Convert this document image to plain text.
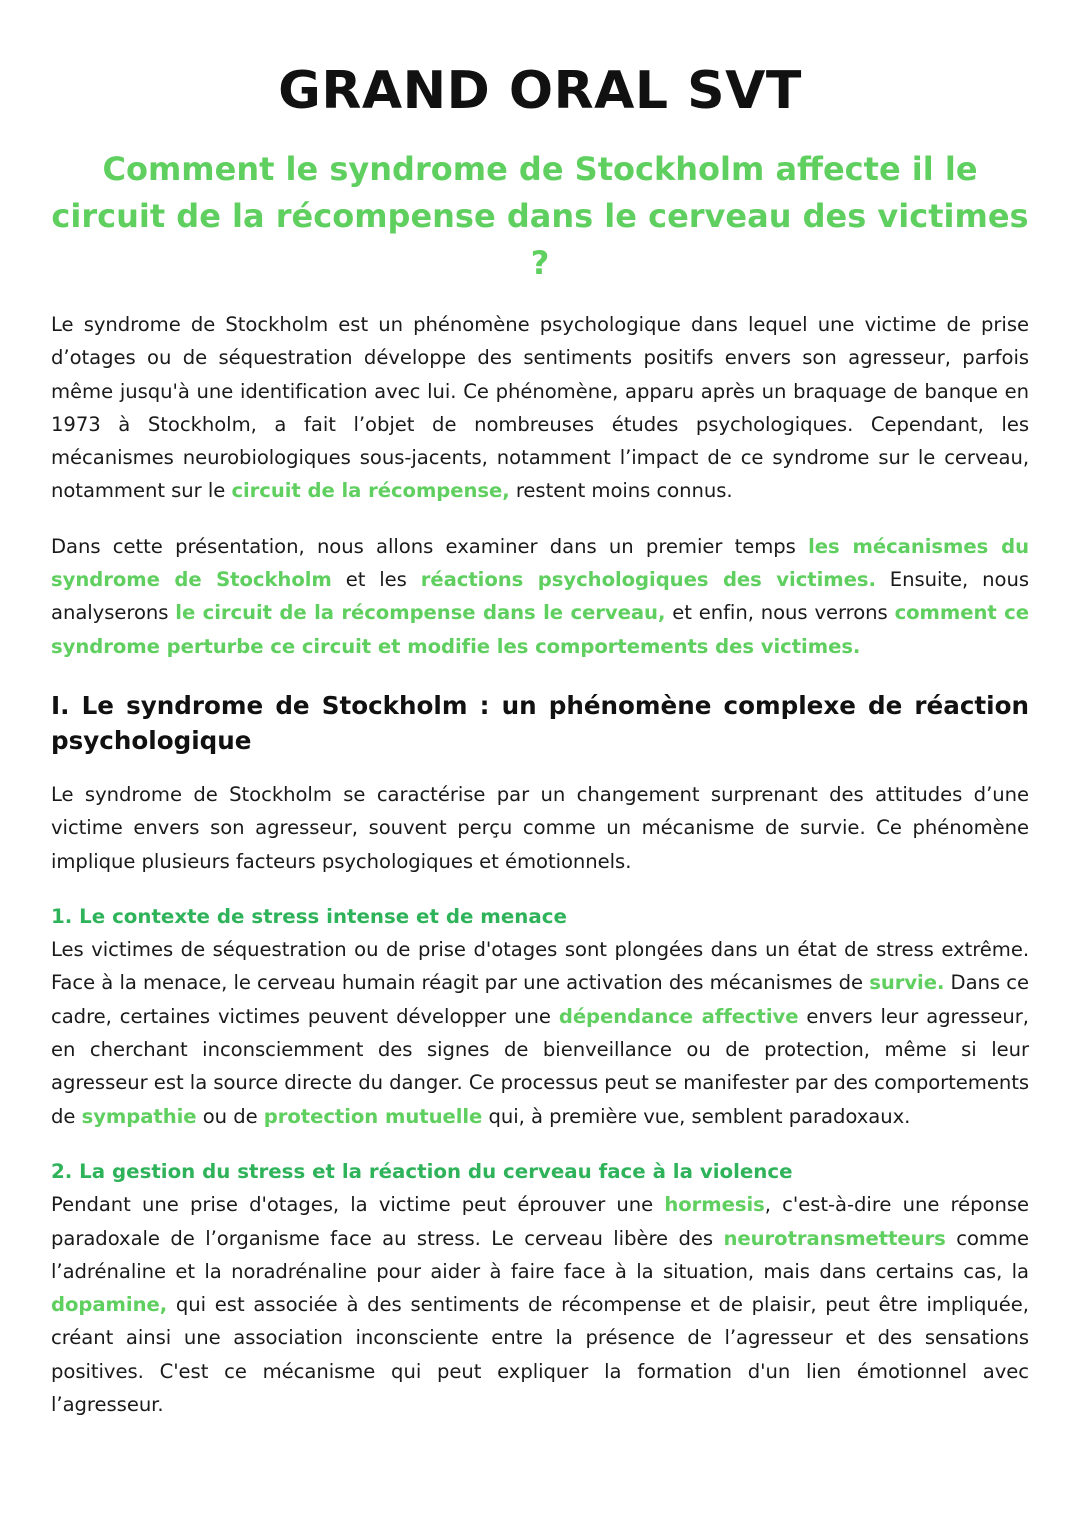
GRAND ORAL SVT
Comment le syndrome de Stockholm affecte il le circuit de la récompense dans le cerveau des victimes ?

Le syndrome de Stockholm est un phénomène psychologique dans lequel une victime de prise d’otages ou de séquestration développe des sentiments positifs envers son agresseur, parfois même jusqu'à une identification avec lui. Ce phénomène, apparu après un braquage de banque en 1973 à Stockholm, a fait l’objet de nombreuses études psychologiques. Cependant, les mécanismes neurobiologiques sous-jacents, notamment l’impact de ce syndrome sur le cerveau, notamment sur le circuit de la récompense, restent moins connus.

Dans cette présentation, nous allons examiner dans un premier temps les mécanismes du syndrome de Stockholm et les réactions psychologiques des victimes. Ensuite, nous analyserons le circuit de la récompense dans le cerveau, et enfin, nous verrons comment ce syndrome perturbe ce circuit et modifie les comportements des victimes.

I. Le syndrome de Stockholm : un phénomène complexe de réaction psychologique

Le syndrome de Stockholm se caractérise par un changement surprenant des attitudes d’une victime envers son agresseur, souvent perçu comme un mécanisme de survie. Ce phénomène implique plusieurs facteurs psychologiques et émotionnels.

1. Le contexte de stress intense et de menace

Les victimes de séquestration ou de prise d'otages sont plongées dans un état de stress extrême. Face à la menace, le cerveau humain réagit par une activation des mécanismes de survie. Dans ce cadre, certaines victimes peuvent développer une dépendance affective envers leur agresseur, en cherchant inconsciemment des signes de bienveillance ou de protection, même si leur agresseur est la source directe du danger. Ce processus peut se manifester par des comportements de sympathie ou de protection mutuelle qui, à première vue, semblent paradoxaux.

2. La gestion du stress et la réaction du cerveau face à la violence

Pendant une prise d'otages, la victime peut éprouver une hormesis, c'est-à-dire une réponse paradoxale de l’organisme face au stress. Le cerveau libère des neurotransmetteurs comme l’adrénaline et la noradrénaline pour aider à faire face à la situation, mais dans certains cas, la dopamine, qui est associée à des sentiments de récompense et de plaisir, peut être impliquée, créant ainsi une association inconsciente entre la présence de l’agresseur et des sensations positives. C'est ce mécanisme qui peut expliquer la formation d'un lien émotionnel avec l’agresseur.
